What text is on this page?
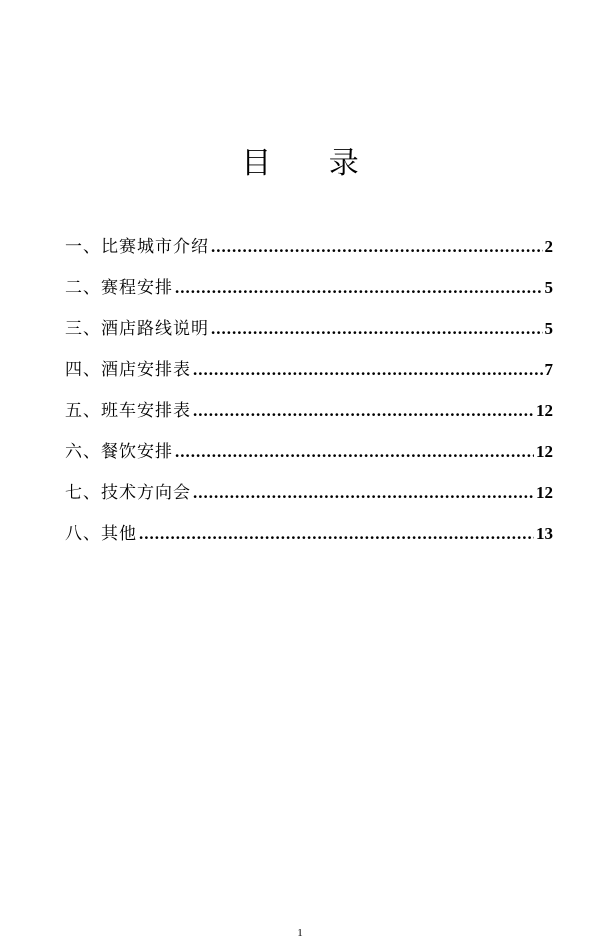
目 录
一、比赛城市介绍 .....	2
二、赛程安排 .....	5
三、酒店路线说明 .....	5
四、酒店安排表 .....	7
五、班车安排表 .....	12
六、餐饮安排 .....	12
七、技术方向会 .....	12
八、其他 .....	13
1
